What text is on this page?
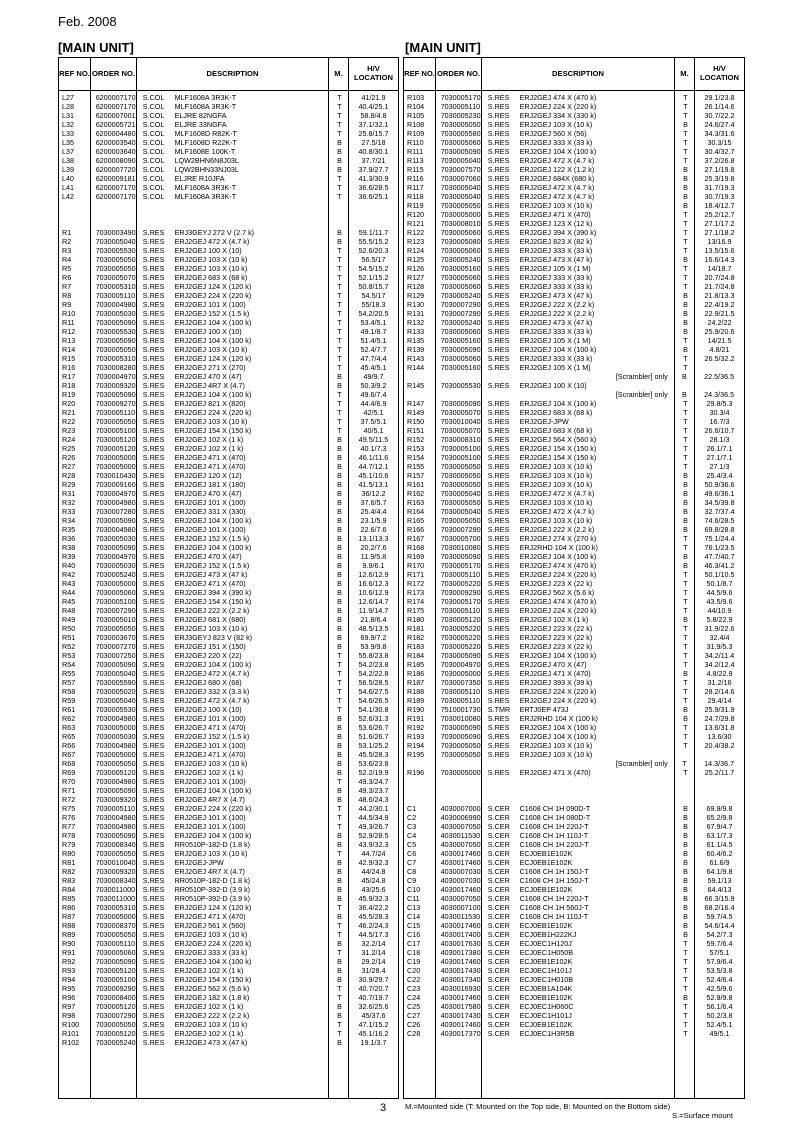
Feb. 2008
[MAIN UNIT]	[MAIN UNIT]
REF NO. ORDER NO.	DESCRIPTION	M.	H/V LOCATION
L27	6200007170 S.COL	MLF1608A 3R3K-T	T	41/21.9
L28	6200007170 S.COL	MLF1608A 3R3K-T	T	40.4/25.1
L31	6200007001 S.COL	ELJRE 82NGFA	T	58.8/4.8
L32	6200005721 S.COL	ELJRE 33NGFA	T	37.1/32.1
L33	6200004480 S.COL	MLF1608D R82K-T	T	25.8/15.7
L35	6200003540 S.COL	MLF1608D R22K-T	B	27.5/18
L37	6200003640 S.COL	MLF1608E 100K-T	B	40.8/30.1
L38	6200008090 S.COL	LQW2BHN6N8J03L	B	37.7/21
L39	6200007720 S.COL	LQW2BHN33NJ03L	B	37.9/27.7
L40	6200009181 S.COL	ELJRE R10JFA	T	41.3/30.9
L41	6200007170 S.COL	MLF1608A 3R3K-T	T	36.6/28.5
L42	6200007170 S.COL	MLF1608A 3R3K-T	T	36.6/25.1
R1	7030003490 S.RES	ERJ3GEYJ 272 V (2.7 k)	B	59.1/11.7
R2	7030005040 S.RES	ERJ2GEJ 472 X (4.7 k)	B	55.5/15.2
R3	7030005530 S.RES	ERJ2GEJ 100 X (10)	T	52.6/20.3
R4	7030005050 S.RES	ERJ2GEJ 103 X (10 k)	T	56.5/17
R5	7030005050 S.RES	ERJ2GEJ 103 X (10 k)	T	54.5/15.2
R6	7030005070 S.RES	ERJ2GEJ 683 X (68 k)	T	52.1/15.2
R7	7030005310 S.RES	ERJ2GEJ 124 X (120 k)	T	50.8/15.7
R8	7030005110	S.RES	ERJ2GEJ 224 X (220 k)	T	54.5/17
R9	7030004980 S.RES	ERJ2GEJ 101 X (100)	T	55/18.3
R10	7030005030 S.RES	ERJ2GEJ 152 X (1.5 k)	T	54.2/20.5
R11	7030005090 S.RES	ERJ2GEJ 104 X (100 k)	T	53.4/5.1
R12	7030005530 S.RES	ERJ2GEJ 100 X (10)	T	49.1/8.7
R13	7030005090 S.RES	ERJ2GEJ 104 X (100 k)	T	51.4/5.1
R14	7030005050 S.RES	ERJ2GEJ 103 X (10 k)	T	52.4/7.7
R15	7030005310 S.RES	ERJ2GEJ 124 X (120 k)	T	47.7/4.4
R16	7030008280 S.RES	ERJ2GEJ 271 X (270)	T	45.4/5.1
R17	7030004970 S.RES	ERJ2GEJ 470 X (47)	B	49/9.7
R18	7030009320 S.RES	ERJ2GEJ 4R7 X (4.7)	B	50.3/9.2
R19	7030005090 S.RES	ERJ2GEJ 104 X (100 k)	T	49.6/7.4
R20	7030009270 S.RES	ERJ2GEJ 821 X (820)	T	44.4/6.9
R21	7030005110	S.RES	ERJ2GEJ 224 X (220 k)	T	42/5.1
R22	7030005050 S.RES	ERJ2GEJ 103 X (10 k)	T	37.5/5.1
R23	7030005100 S.RES	ERJ2GEJ 154 X (150 k)	T	40/5.1
R24	7030005120 S.RES	ERJ2GEJ 102 X (1 k)	B	49.5/11.5
R25	7030005120 S.RES	ERJ2GEJ 102 X (1 k)	B	40.1/7.3
R26	7030005000 S.RES	ERJ2GEJ 471 X (470)	B	46.1/11.6
R27	7030005000 S.RES	ERJ2GEJ 471 X (470)	B	44.7/12.1
R28	7030010430 S.RES	ERJ2GEJ 120 X (12)	B	45.1/10.6
R29	7030009160 S.RES	ERJ2GEJ 181 X (180)	B	41.5/13.1
R31	7030004970 S.RES	ERJ2GEJ 470 X (47)	B	36/12.2
R32	7030004980 S.RES	ERJ2GEJ 101 X (100)	B	37.6/5.7
R33	7030007280 S.RES	ERJ2GEJ 331 X (330)	B	25.4/4.4
R34	7030005090 S.RES	ERJ2GEJ 104 X (100 k)	B	23.1/5.9
R35	7030004980 S.RES	ERJ2GEJ 101 X (100)	B	22.6/7.6
R36	7030005030 S.RES	ERJ2GEJ 152 X (1.5 k)	B	13.1/13.3
R38	7030005090 S.RES	ERJ2GEJ 104 X (100 k)	B	20.2/7.6
R39	7030004970 S.RES	ERJ2GEJ 470 X (47)	B	11.9/5.8
R40	7030005030 S.RES	ERJ2GEJ 152 X (1.5 k)	B	9.9/6.1
R42	7030005240 S.RES	ERJ2GEJ 473 X (47 k)	B	12.6/12.9
R43	7030005000 S.RES	ERJ2GEJ 471 X (470)	B	16.6/12.3
R44	7030005060 S.RES	ERJ2GEJ 394 X (390 k)	B	10.6/12.9
R45	7030005100 S.RES	ERJ2GEJ 154 X (150 k)	B	12.6/14.7
R48	7030007290 S.RES	ERJ2GEJ 222 X (2.2 k)	B	11.9/14.7
R49	7030005010 S.RES	ERJ2GEJ 681 X (680)	B	21.8/6.4
R50	7030005050 S.RES	ERJ2GEJ 103 X (10 k)	B	48.5/13.5
R51	7030003670 S.RES	ERJ3GEYJ 823 V (82 k)	B	69.9/7.2
R52	7030007270 S.RES	ERJ2GEJ 151 X (150)	B	53.9/9.8
R53	7030007250 S.RES	ERJ2GEJ 220 X (22)	T	55.8/23.8
R54	7030005090 S.RES	ERJ2GEJ 104 X (100 k)	T	54.2/23.8
R55	7030005040 S.RES	ERJ2GEJ 472 X (4.7 k)	T	54.2/22.8
R57	7030005590 S.RES	ERJ2GEJ 680 X (68)	T	56.5/28.5
R58	7030005020 S.RES	ERJ2GEJ 332 X (3.3 k)	T	54.6/27.5
R59	7030005040 S.RES	ERJ2GEJ 472 X (4.7 k)	T	54.6/26.5
R61	7030005530 S.RES	ERJ2GEJ 100 X (10)	T	54.1/30.8
R62	7030004980 S.RES	ERJ2GEJ 101 X (100)	B	52.6/31.3
R63	7030005000 S.RES	ERJ2GEJ 471 X (470)	B	53.6/26.7
R65	7030005030 S.RES	ERJ2GEJ 152 X (1.5 k)	B	51.6/26.7
R66	7030004980 S.RES	ERJ2GEJ 101 X (100)	B	53.1/25.2
R67	7030005000 S.RES	ERJ2GEJ 471 X (470)	B	45.5/28.3
R68	7030005050 S.RES	ERJ2GEJ 103 X (10 k)	B	53.6/23.8
R69	7030005120 S.RES	ERJ2GEJ 102 X (1 k)	B	52.2/19.9
R70	7030004980 S.RES	ERJ2GEJ 101 X (100)	T	49.3/24.7
R71	7030005090 S.RES	ERJ2GEJ 104 X (100 k)	B	49.3/23.7
R72	7030009320 S.RES	ERJ2GEJ 4R7 X (4.7)	B	48.6/24.3
R75	7030005110	S.RES	ERJ2GEJ 224 X (220 k)	T	44.2/30.1
R76	7030004980 S.RES	ERJ2GEJ 101 X (100)	T	44.5/34.9
R77	7030004980 S.RES	ERJ2GEJ 101 X (100)	T	49.3/26.7
R78	7030005090 S.RES	ERJ2GEJ 104 X (100 k)	B	52.9/28.5
R79	7030008340 S.RES	RR0510P-182-D (1.8 k)	B	43.9/32.3
R80	7030005050 S.RES	ERJ2GEJ 103 X (10 k)	T	44.7/24
R81	7030010040 S.RES	ERJ2GEJ-JPW	B	42.9/32.3
R82	7030009320 S.RES	ERJ2GEJ 4R7 X (4.7)	B	44/24.8
R83	7030008340 S.RES	RR0510P-182-D (1.8 k)	B	45/24.8
R84	7030011000	S.RES	RR0510P-392-D (3.9 k)	B	43/25.6
R85	7030011000	S.RES	RR0510P-392-D (3.9 k)	B	45.9/32.3
R86	7030005310 S.RES	ERJ2GEJ 124 X (120 k)	T	36.4/22.2
R87	7030005000 S.RES	ERJ2GEJ 471 X (470)	B	45.5/28.3
R88	7030008370 S.RES	ERJ2GEJ 561 X (560)	T	46.2/24.3
R89	7030005050 S.RES	ERJ2GEJ 103 X (10 k)	T	44.5/17.3
R90	7030005110	S.RES	ERJ2GEJ 224 X (220 k)	B	32.2/14
R91	7030005060 S.RES	ERJ2GEJ 333 X (33 k)	T	31.2/14
R92	7030005090 S.RES	ERJ2GEJ 104 X (100 k)	B	29.2/14
R93	7030005120 S.RES	ERJ2GEJ 102 X (1 k)	B	31/28.4
R94	7030005100 S.RES	ERJ2GEJ 154 X (150 k)	B	30.9/29.7
R95	7030009290 S.RES	ERJ2GEJ 562 X (5.6 k)	T	40.7/20.7
R96	7030008400 S.RES	ERJ2GEJ 182 X (1.8 k)	T	40.7/19.7
R97	7030005120 S.RES	ERJ2GEJ 102 X (1 k)	B	32.6/25.6
R98	7030007290 S.RES	ERJ2GEJ 222 X (2.2 k)	B	45/37.6
R100	7030005050 S.RES	ERJ2GEJ 103 X (10 k)	T	47.1/15.2
R101	7030005120 S.RES	ERJ2GEJ 102 X (1 k)	T	45.1/16.2
R102	7030005240 S.RES	ERJ2GEJ 473 X (47 k)	B	19.1/3.7
REF NO. ORDER NO.	DESCRIPTION	M.	H/V LOCATION
R103	7030005170 S.RES	ERJ2GEJ 474 X (470 k)	T	29.1/23.8
R104	7030005110	S.RES	ERJ2GEJ 224 X (220 k)	T	26.1/14.6
R105	7030005230 S.RES	ERJ2GEJ 334 X (330 k)	T	30.7/22.2
R108	7030005050 S.RES	ERJ2GEJ 103 X (10 k)	B	24.6/27.4
R109	7030005580 S.RES	ERJ2GEJ 560 X (56)	T	34.3/31.6
R110	7030005060 S.RES	ERJ2GEJ 333 X (33 k)	T	30.3/15
R111	7030005090 S.RES	ERJ2GEJ 104 X (100 k)	T	30.4/32.7
R113	7030005040 S.RES	ERJ2GEJ 472 X (4.7 k)	T	37.2/26.8
R115	7030007570 S.RES	ERJ2GEJ 122 X (1.2 k)	B	27.1/19.8
R116	7030007060 S.RES	ERJ2GEJ 684X (680 k)	B	25.3/19.8
R117	7030005040 S.RES	ERJ2GEJ 472 X (4.7 k)	B	31.7/19.3
R118	7030005040 S.RES	ERJ2GEJ 472 X (4.7 k)	B	30.7/19.3
R119	7030005050 S.RES	ERJ2GEJ 103 X (10 k)	B	18.4/12.7
R120	7030005000 S.RES	ERJ2GEJ 471 X (470)	T	25.2/12.7
R121	7030008010 S.RES	ERJ2GEJ 123 X (12 k)	T	27.1/17.2
R122	7030005060 S.RES	ERJ2GEJ 394 X (390 k)	T	27.1/18.2
R123	7030005080 S.RES	ERJ2GEJ 823 X (82 k)	T	13/16.9
R124	7030005060 S.RES	ERJ2GEJ 333 X (33 k)	T	13.5/15.6
R125	7030005240 S.RES	ERJ2GEJ 473 X (47 k)	B	16.6/14.3
R126	7030005160 S.RES	ERJ2GEJ 105 X (1 M)	T	14/18.7
R127	7030005060 S.RES	ERJ2GEJ 333 X (33 k)	T	20.7/24.8
R128	7030005060 S.RES	ERJ2GEJ 333 X (33 k)	T	21.7/24.8
R129	7030005240 S.RES	ERJ2GEJ 473 X (47 k)	B	21.8/13.3
R130	7030007290 S.RES	ERJ2GEJ 222 X (2.2 k)	B	22.4/19.2
R131	7030007290 S.RES	ERJ2GEJ 222 X (2.2 k)	B	22.9/21.5
R132	7030005240 S.RES	ERJ2GEJ 473 X (47 k)	B	24.2/22
R133	7030005060 S.RES	ERJ2GEJ 333 X (33 k)	B	25.9/20.6
R135	7030005160 S.RES	ERJ2GEJ 105 X (1 M)	T	14/21.5
R139	7030005090 S.RES	ERJ2GEJ 104 X (100 k)	B	4.8/21
R143	7030005060 S.RES	ERJ2GEJ 333 X (33 k)	T	26.5/32.2
R144	7030005160 S.RES	ERJ2GEJ 105 X (1 M)	T
[Scrambler] only	B	22.5/36.5
R145	7030005530 S.RES	ERJ2GEJ 100 X (10)
[Scrambler] only	B	24.3/36.5
R147	7030005090 S.RES	ERJ2GEJ 104 X (100 k)	T	29.8/5.3
R149	7030005070 S.RES	ERJ2GEJ 683 X (68 k)	T	30.3/4
R150	7030010040 S.RES	ERJ2GEJ-JPW	T	16.7/3
R151	7030005070 S.RES	ERJ2GEJ 683 X (68 k)	T	26.6/10.7
R152	7030008310 S.RES	ERJ2GEJ 564 X (560 k)	T	28.1/3
R153	7030005100 S.RES	ERJ2GEJ 154 X (150 k)	T	26.1/7.1
R154	7030005100 S.RES	ERJ2GEJ 154 X (150 k)	T	27.1/7.1
R155	7030005050 S.RES	ERJ2GEJ 103 X (10 k)	T	27.1/3
R157	7030005050 S.RES	ERJ2GEJ 103 X (10 k)	B	25.4/3.4
R161	7030005050 S.RES	ERJ2GEJ 103 X (10 k)	B	50.9/36.6
R162	7030005040 S.RES	ERJ2GEJ 472 X (4.7 k)	B	49.6/36.1
R163	7030005050 S.RES	ERJ2GEJ 103 X (10 k)	B	34.5/39.8
R164	7030005040 S.RES	ERJ2GEJ 472 X (4.7 k)	B	32.7/37.4
R165	7030005050 S.RES	ERJ2GEJ 103 X (10 k)	B	74.6/28.5
R166	7030007290 S.RES	ERJ2GEJ 222 X (2.2 k)	B	69.8/28.8
R167	7030005700 S.RES	ERJ2GEJ 274 X (270 k)	T	75.1/24.4
R168	7030010080 S.RES	ERJ2RHD 104 X (100 k)	T	76.1/23.5
R169	7030005090 S.RES	ERJ2GEJ 104 X (100 k)	B	47.7/40.7
R170	7030005170 S.RES	ERJ2GEJ 474 X (470 k)	B	46.3/41.2
R171	7030005110	S.RES	ERJ2GEJ 224 X (220 k)	T	50.1/10.5
R172	7030005220 S.RES	ERJ2GEJ 223 X (22 k)	T	50.1/8.7
R173	7030009290 S.RES	ERJ2GEJ 562 X (5.6 k)	T	44.5/9.6
R174	7030005170 S.RES	ERJ2GEJ 474 X (470 k)	T	43.5/9.6
R175	7030005110	S.RES	ERJ2GEJ 224 X (220 k)	T	44/10.9
R180	7030005120 S.RES	ERJ2GEJ 102 X (1 k)	B	5.8/22.9
R181	7030005220 S.RES	ERJ2GEJ 223 X (22 k)	T	31.9/22.6
R182	7030005220 S.RES	ERJ2GEJ 223 X (22 k)	T	32.4/4
R183	7030005220 S.RES	ERJ2GEJ 223 X (22 k)	T	31.9/5.3
R184	7030005090 S.RES	ERJ2GEJ 104 X (100 k)	T	34.2/11.4
R185	7030004970 S.RES	ERJ2GEJ 470 X (47)	T	34.2/12.4
R186	7030005000 S.RES	ERJ2GEJ 471 X (470)	B	4.8/22.9
R187	7030007350 S.RES	ERJ2GEJ 393 X (39 k)	T	31.2/16
R188	7030005110	S.RES	ERJ2GEJ 224 X (220 k)	T	28.2/14.6
R189	7030005110	S.RES	ERJ2GEJ 224 X (220 k)	T	29.4/14
R190	7510001730 S.TMR	ERTJ0EP 473J	B	25.9/31.9
R191	7030010080 S.RES	ERJ2RHD 104 X (100 k)	B	24.7/29.8
R192	7030005090 S.RES	ERJ2GEJ 104 X (100 k)	T	13.6/31.8
R193	7030005090 S.RES	ERJ2GEJ 104 X (100 k)	T	13.6/30
R194	7030005050 S.RES	ERJ2GEJ 103 X (10 k)	T	20.4/38.2
R195	7030005050 S.RES	ERJ2GEJ 103 X (10 k)
[Scrambler] only	T	14.3/36.7
R196	7030005000 S.RES	ERJ2GEJ 471 X (470)	T	25.2/11.7
C1	4030007000 S.CER	C1608 CH 1H 090D-T	B	69.9/9.8
C2	4030006990 S.CER	C1608 CH 1H 080D-T	B	65.2/9.8
C3	4030007050 S.CER	C1608 CH 1H 220J-T	B	67.9/4.7
C4	4030011530	S.CER	C1608 CH 1H 110J-T	B	63.1/7.3
C5	4030007050 S.CER	C1608 CH 1H 220J-T	B	61.1/4.5
C6	4030017460 S.CER	ECJ0EB1E102K	B	60.4/6.2
C7	4030017460 S.CER	ECJ0EB1E102K	B	61.6/9
C8	4030007030 S.CER	C1608 CH 1H 150J-T	B	64.1/9.8
C9	4030007030 S.CER	C1608 CH 1H 150J-T	B	59.1/13
C10	4030017460 S.CER	ECJ0EB1E102K	B	64.4/13
C11	4030007050 S.CER	C1608 CH 1H 220J-T	B	66.3/15.9
C13	4030007100 S.CER	C1608 CH 1H 560J-T	B	68.2/16.4
C14	4030011530	S.CER	C1608 CH 1H 110J-T	B	59.7/4.5
C15	4030017460 S.CER	ECJ0EB1E102K	B	54.6/14.4
C16	4030017400 S.CER	ECJ0EB1H222KJ	B	54.2/7.3
C17	4030017630 S.CER	ECJ0EC1H120J	T	59.7/6.4
C18	4030017380 S.CER	ECJ0EC1H050B	T	57/5.1
C19	4030017460 S.CER	ECJ0EB1E102K	T	57.9/6.4
C20	4030017430 S.CER	ECJ0EC1H101J	T	53.5/3.8
C22	4030017340 S.CER	ECJ0EC1H010B	T	52.4/6.4
C23	4030016930 S.CER	ECJ0EB1A104K	T	42.5/9.6
C24	4030017460 S.CER	ECJ0EB1E102K	B	52.9/9.8
C25	4030017580 S.CER	ECJ0EC1H060C	T	56.1/6.4
C27	4030017430 S.CER	ECJ0EC1H101J	T	50.2/3.8
C26	4030017460 S.CER	ECJ0EB1E102K	T	52.4/5.1
C28	4030017370 S.CER	ECJ0EC1H3R5B	T	49/5.1
3 M.=Mounted side (T: Mounted on the Top side, B: Mounted on the Bottom side)
S.=Surface mount
